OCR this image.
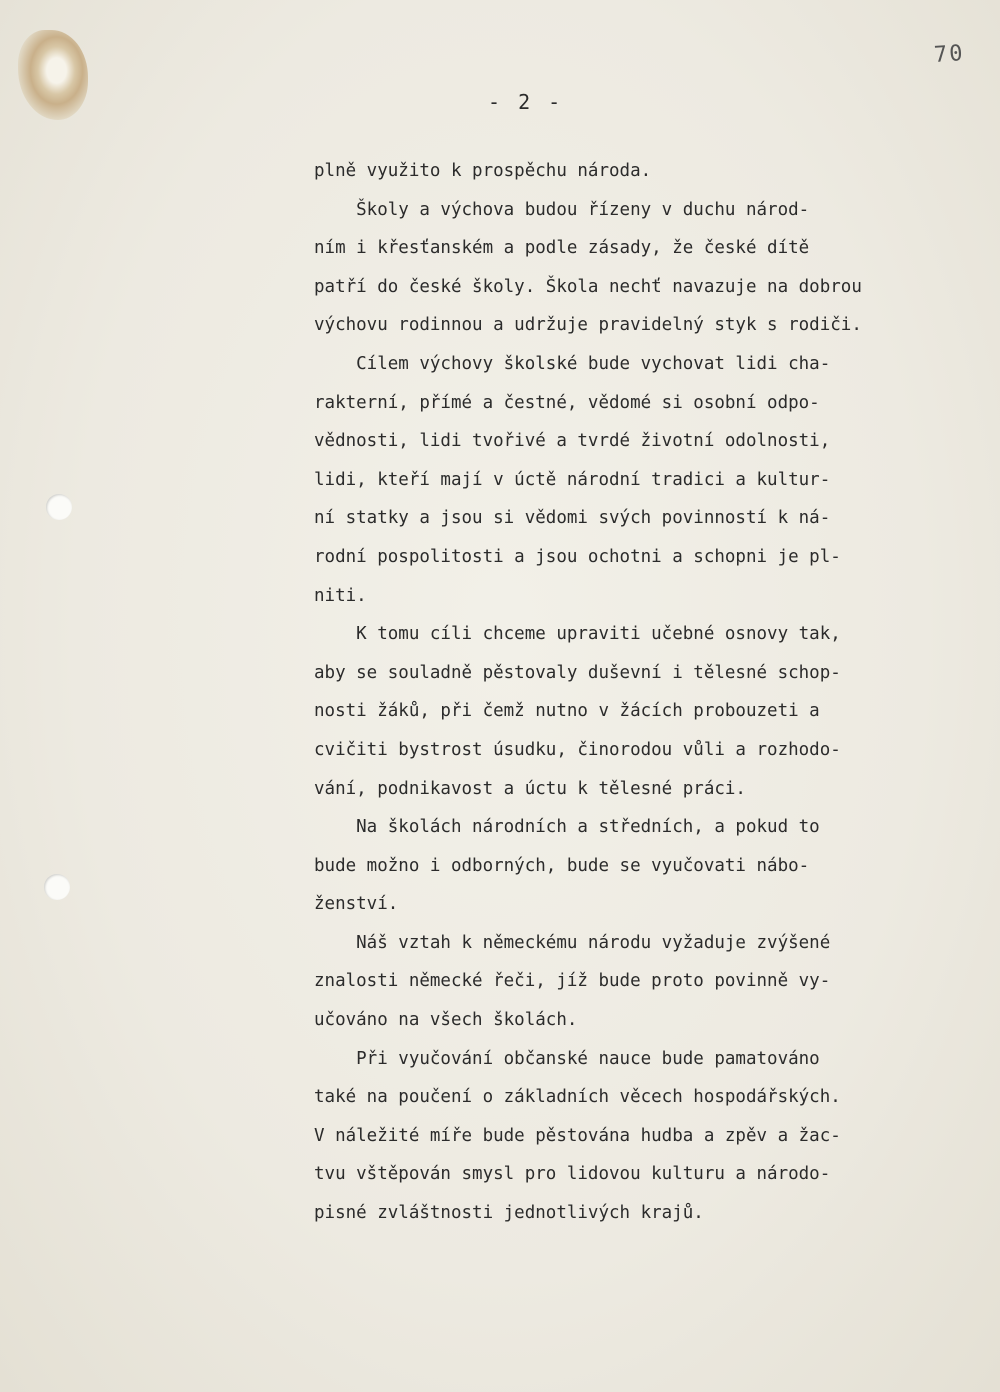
70
- 2 -
plně využito k prospěchu národa.
Školy a výchova budou řízeny v duchu národ-
ním i křesťanském a podle zásady, že české dítě
patří do české školy. Škola nechť navazuje na dobrou
výchovu rodinnou a udržuje pravidelný styk s rodiči.
Cílem výchovy školské bude vychovat lidi cha-
rakterní, přímé a čestné, vědomé si osobní odpo-
vědnosti, lidi tvořivé a tvrdé životní odolnosti,
lidi, kteří mají v úctě národní tradici a kultur-
ní statky a jsou si vědomi svých povinností k ná-
rodní pospolitosti a jsou ochotni a schopni je pl-
niti.
K tomu cíli chceme upraviti učebné osnovy tak,
aby se souladně pěstovaly duševní i tělesné schop-
nosti žáků, při čemž nutno v žácích probouzeti a
cvičiti bystrost úsudku, činorodou vůli a rozhodo-
vání, podnikavost a úctu k tělesné práci.
Na školách národních a středních, a pokud to
bude možno i odborných, bude se vyučovati nábo-
ženství.
Náš vztah k německému národu vyžaduje zvýšené
znalosti německé řeči, jíž bude proto povinně vy-
učováno na všech školách.
Při vyučování občanské nauce bude pamatováno
také na poučení o základních věcech hospodářských.
V náležité míře bude pěstována hudba a zpěv a žac-
tvu vštěpován smysl pro lidovou kulturu a národo-
pisné zvláštnosti jednotlivých krajů.
